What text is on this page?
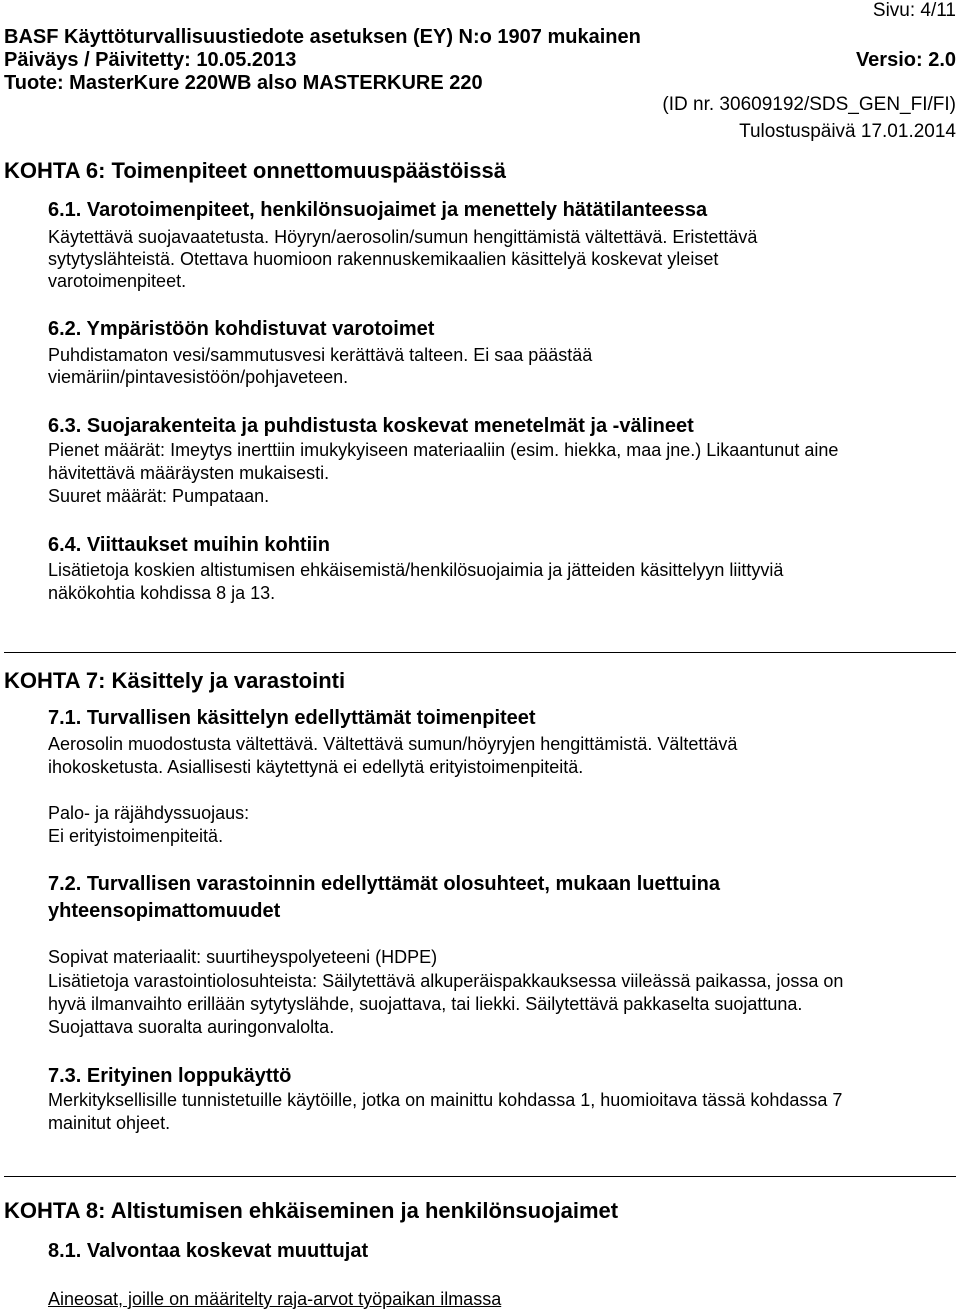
Sivu: 4/11
BASF Käyttöturvallisuustiedote asetuksen (EY) N:o 1907 mukainen
Päiväys / Päivitetty: 10.05.2013	Versio: 2.0
Tuote: MasterKure 220WB also MASTERKURE 220
(ID nr. 30609192/SDS_GEN_FI/FI)
Tulostuspäivä 17.01.2014
KOHTA 6: Toimenpiteet onnettomuuspäästöissä
6.1. Varotoimenpiteet, henkilönsuojaimet ja menettely hätätilanteessa
Käytettävä suojavaatetusta. Höyryn/aerosolin/sumun hengittämistä vältettävä. Eristettävä
sytytyslähteistä. Otettava huomioon rakennuskemikaalien käsittelyä koskevat yleiset
varotoimenpiteet.
6.2. Ympäristöön kohdistuvat varotoimet
Puhdistamaton vesi/sammutusvesi kerättävä talteen. Ei saa päästää
viemäriin/pintavesistöön/pohjaveteen.
6.3. Suojarakenteita ja puhdistusta koskevat menetelmät ja -välineet
Pienet määrät: Imeytys inerttiin imukykyiseen materiaaliin (esim. hiekka, maa jne.) Likaantunut aine
hävitettävä määräysten mukaisesti.
Suuret määrät: Pumpataan.
6.4. Viittaukset muihin kohtiin
Lisätietoja koskien altistumisen ehkäisemistä/henkilösuojaimia ja jätteiden käsittelyyn liittyviä
näkökohtia kohdissa 8 ja 13.
KOHTA 7: Käsittely ja varastointi
7.1. Turvallisen käsittelyn edellyttämät toimenpiteet
Aerosolin muodostusta vältettävä. Vältettävä sumun/höyryjen hengittämistä. Vältettävä
ihokosketusta. Asiallisesti käytettynä ei edellytä erityistoimenpiteitä.
Palo- ja räjähdyssuojaus:
Ei erityistoimenpiteitä.
7.2. Turvallisen varastoinnin edellyttämät olosuhteet, mukaan luettuina
yhteensopimattomuudet
Sopivat materiaalit: suurtiheyspolyeteeni (HDPE)
Lisätietoja varastointiolosuhteista: Säilytettävä alkuperäispakkauksessa viileässä paikassa, jossa on
hyvä ilmanvaihto erillään sytytyslähde, suojattava, tai liekki. Säilytettävä pakkaselta suojattuna.
Suojattava suoralta auringonvalolta.
7.3. Erityinen loppukäyttö
Merkityksellisille tunnistetuille käytöille, jotka on mainittu kohdassa 1, huomioitava tässä kohdassa 7
mainitut ohjeet.
KOHTA 8: Altistumisen ehkäiseminen ja henkilönsuojaimet
8.1. Valvontaa koskevat muuttujat
Aineosat, joille on määritelty raja-arvot työpaikan ilmassa
